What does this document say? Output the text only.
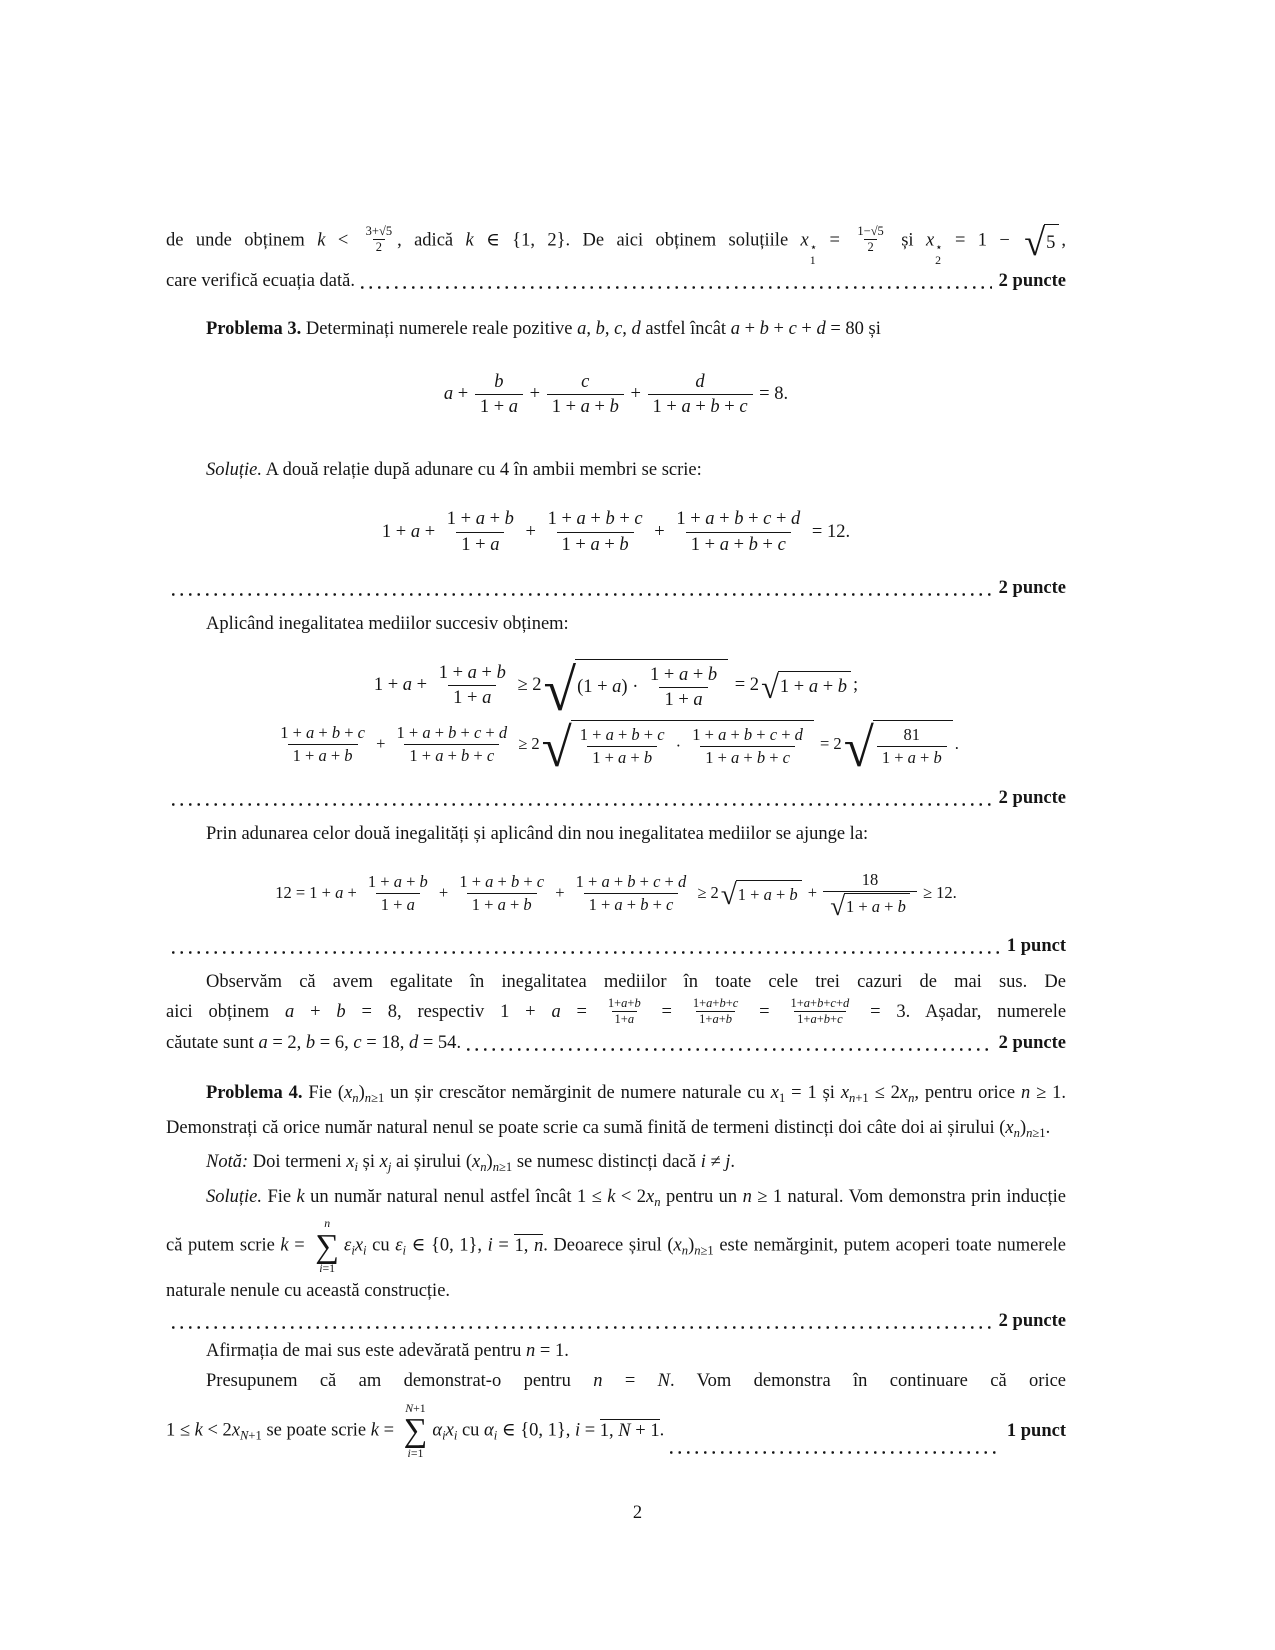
de unde obținem $k < \frac{3+√5}{2}$ , adică k ∈ {1, 2}. De aici obținem soluțiile x ⋆
1
= $\frac{1-√5}{2}$ și x ⋆
2
= 1 − √ 5 ,
care verifică ecuația dată.	2 puncte
Problema 3. Determinați numerele reale pozitive a, b, c, d astfel încât a + b + c + d = 80 și
$a + \frac{b}{1 + a} + \frac{c}{1 + a + b} + \frac{d}{1 + a + b + c} = 8$.
Soluție. A două relație după adunare cu 4 în ambii membri se scrie:
$1 + a + \frac{1 + a + b}{1 + a} + \frac{1 + a + b + c}{1 + a + b} + \frac{1 + a + b + c + d}{1 + a + b + c} = 12$.
2 puncte
Aplicând inegalitatea mediilor succesiv obținem:
$1 + a + \frac{1 + a + b}{1 + a} \ge 2$ √ $(1 + a) \cdot \frac{1 + a + b}{1 + a} = 2$ √ 1 + a + b ;
$\frac{1 + a + b + c}{1 + a + b} + \frac{1 + a + b + c + d}{1 + a + b + c} \ge 2$ √ $\frac{1 + a + b + c}{1 + a + b} \cdot \frac{1 + a + b + c + d}{1 + a + b + c} = 2$ √ $\frac{81}{1 + a + b}$ .
2 puncte
Prin adunarea celor două inegalități și aplicând din nou inegalitatea mediilor se ajunge la:
$12 = 1 + a + \frac{1 + a + b}{1 + a} + \frac{1 + a + b + c}{1 + a + b} + \frac{1 + a + b + c + d}{1 + a + b + c} \ge 2$ √ $1 + a + b + \frac{18}{√ 1 + a + b} \ge 12$.
1 punct
Observăm că avem egalitate în inegalitatea mediilor în toate cele trei cazuri de mai sus. De
aici obținem a + b = 8, respectiv $1 + a = \frac{1+ a + b}{1+ a} = \frac{1+ a + b + c}{1+ a + b} = \frac{1+ a + b + c + d}{1+ a + b + c} = 3$. Așadar, numerele
căutate sunt a = 2, b = 6, c = 18, d = 54.	2 puncte
Problema 4. Fie $(x_n)_{n\ge 1}$ un șir crescător nemărginit de numere naturale cu $x_1 = 1$ și $x_{n+1} \le 2x_n$, pentru orice n ≥ 1. Demonstrați că orice număr natural nenul se poate scrie ca sumă finită de termeni distincți doi câte doi ai șirului $(x_n)_{n\ge 1}$.
Notă: Doi termeni $x_i$ și $x_j$ ai șirului $(x_n)_{n\ge 1}$ se numesc distincți dacă i ≠ j.
Soluție. Fie k un număr natural nenul astfel încât $1 \le k < 2x_n$ pentru un n ≥ 1 natural. Vom demonstra prin inducție că putem scrie k =
n
∑
i=1
$\varepsilon_ix_i$ cu $\varepsilon_i$ ∈ {0, 1}, i = 1, n. Deoarece șirul $(x_n)_{n\ge 1}$ este nemărginit, putem acoperi toate numerele naturale nenule cu această construcție.
2 puncte
Afirmația de mai sus este adevărată pentru n = 1.
Presupunem că am demonstrat-o pentru n = N. Vom demonstra în continuare că orice
$1 \le k < 2x_{N+1}$ se poate scrie k =
N+1
∑
i=1
$\alpha_ix_i$ cu $\alpha_i$ ∈ {0, 1}, i = 1, N + 1.	1 punct
2
